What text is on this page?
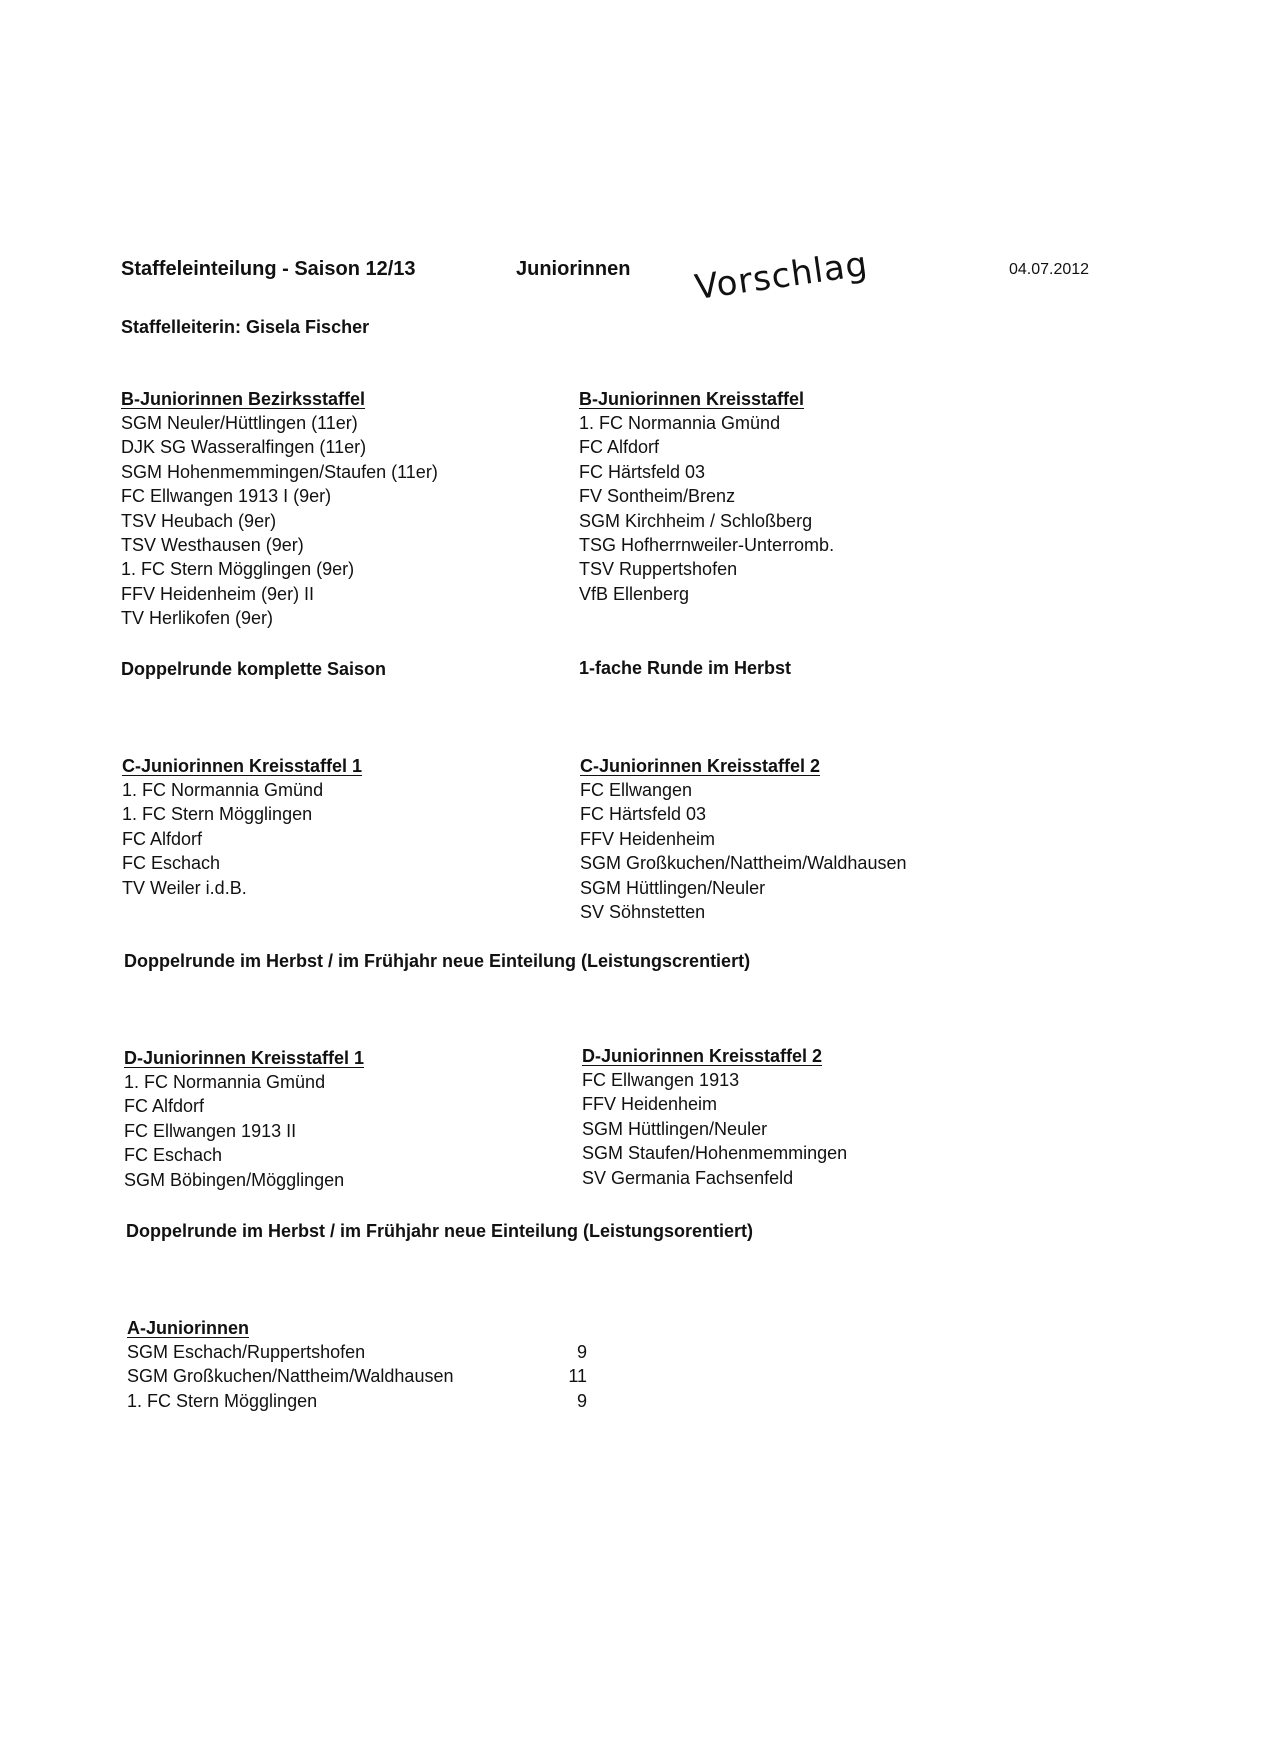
Staffeleinteilung - Saison 12/13	Juniorinnen Vorschlag	04.07.2012
Staffelleiterin: Gisela Fischer
B-Juniorinnen Bezirksstaffel
SGM Neuler/Hüttlingen (11er)
DJK SG Wasseralfingen (11er)
SGM Hohenmemmingen/Staufen (11er)
FC Ellwangen 1913 I (9er)
TSV Heubach (9er)
TSV Westhausen (9er)
1. FC Stern Mögglingen (9er)
FFV Heidenheim (9er) II
TV Herlikofen (9er)
Doppelrunde komplette Saison
B-Juniorinnen Kreisstaffel
1. FC Normannia Gmünd
FC Alfdorf
FC Härtsfeld 03
FV Sontheim/Brenz
SGM Kirchheim / Schloßberg
TSG Hofherrnweiler-Unterromb.
TSV Ruppertshofen
VfB Ellenberg
1-fache Runde im Herbst
C-Juniorinnen Kreisstaffel 1
1. FC Normannia Gmünd
1. FC Stern Mögglingen
FC Alfdorf
FC Eschach
TV Weiler i.d.B.
C-Juniorinnen Kreisstaffel 2
FC Ellwangen
FC Härtsfeld 03
FFV Heidenheim
SGM Großkuchen/Nattheim/Waldhausen
SGM Hüttlingen/Neuler
SV Söhnstetten
Doppelrunde im Herbst / im Frühjahr neue Einteilung (Leistungscrentiert)
D-Juniorinnen Kreisstaffel 1
1. FC Normannia Gmünd
FC Alfdorf
FC Ellwangen 1913 II
FC Eschach
SGM Böbingen/Mögglingen
D-Juniorinnen Kreisstaffel 2
FC Ellwangen 1913
FFV Heidenheim
SGM Hüttlingen/Neuler
SGM Staufen/Hohenmemmingen
SV Germania Fachsenfeld
Doppelrunde im Herbst / im Frühjahr neue Einteilung (Leistungsorentiert)
A-Juniorinnen
SGM Eschach/Ruppertshofen	9
SGM Großkuchen/Nattheim/Waldhausen	11
1. FC Stern Mögglingen	9
